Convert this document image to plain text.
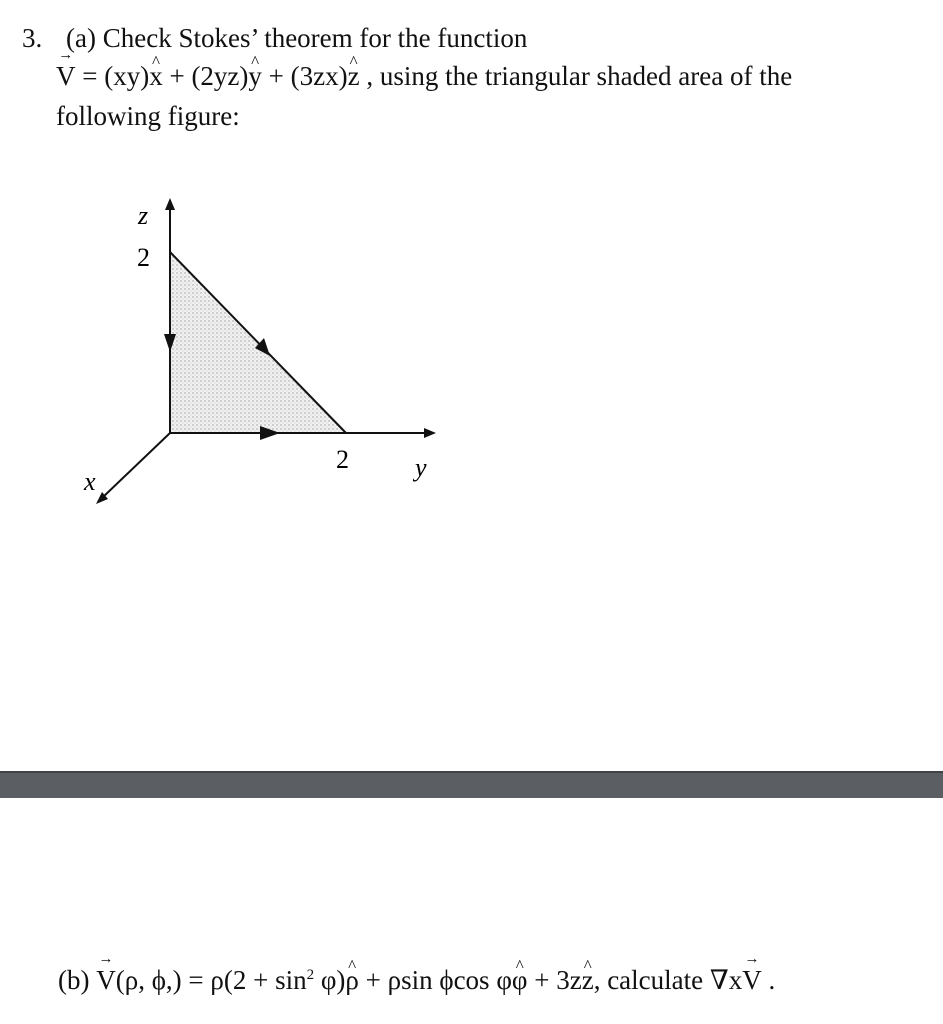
3. (a) Check Stokes’ theorem for the function
→ V = (xy)^ x + (2yz)^ y + (3zx)^ z , using the triangular shaded area of the
following figure:
z
2
2	y
x
(b) → V(ρ, $\phi,) = \rho(2 + \sin^2$ φ)^ ρ + ρsin ϕcos φ^ φ + 3z^ z, calculate ∇x→ V .
